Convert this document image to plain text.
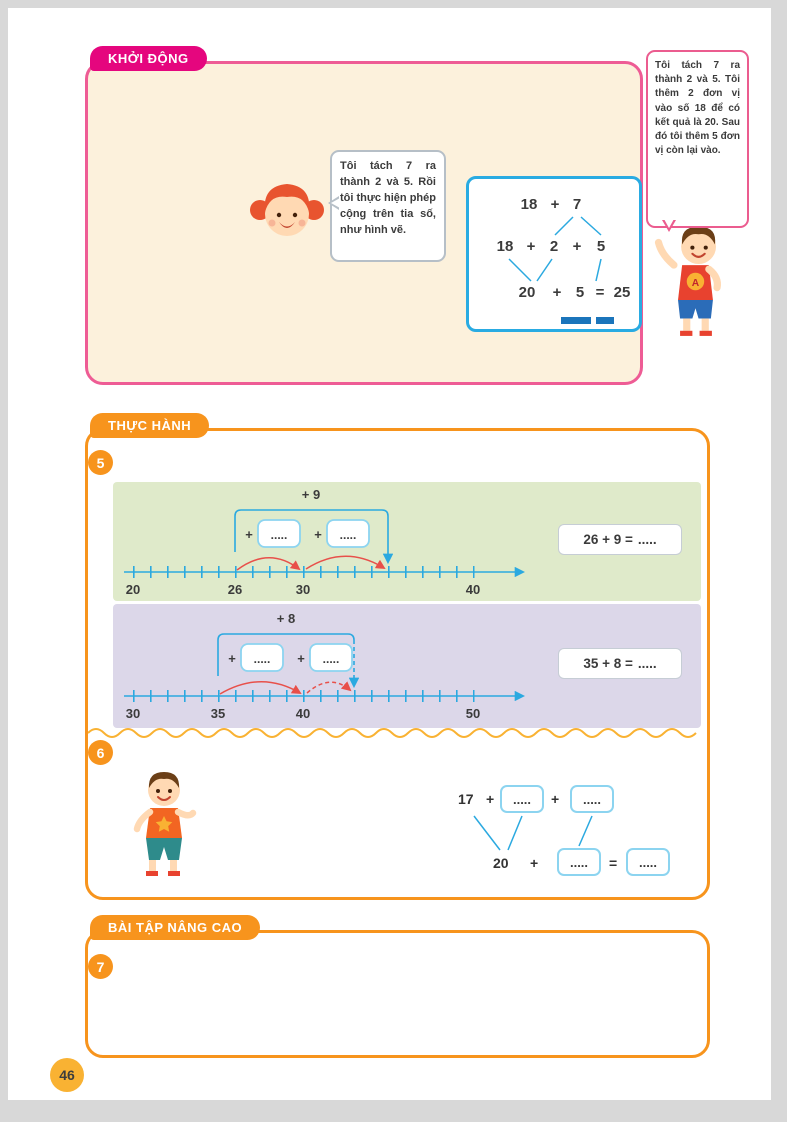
KHỞI ĐỘNG
Tôi tách 7 ra thành 2 và 5. Rồi tôi thực hiện phép cộng trên tia số, như hình vẽ.
18 + 7
18 + 2 + 5
20 + 5 = 25
Tôi tách 7 ra thành 2 và 5. Tôi thêm 2 đơn vị vào số 18 để có kết quả là 20. Sau đó tôi thêm 5 đơn vị còn lại vào.
A
THỰC HÀNH
5
+ 9
+ ..... + .....
20	26	30	40
26 + 9 = .....
+ 8
+ ..... + .....
30	35	40	50
35 + 8 = .....
6
17 +	.....	+	.....
20 +	.....	=	.....
BÀI TẬP NÂNG CAO
7
46
